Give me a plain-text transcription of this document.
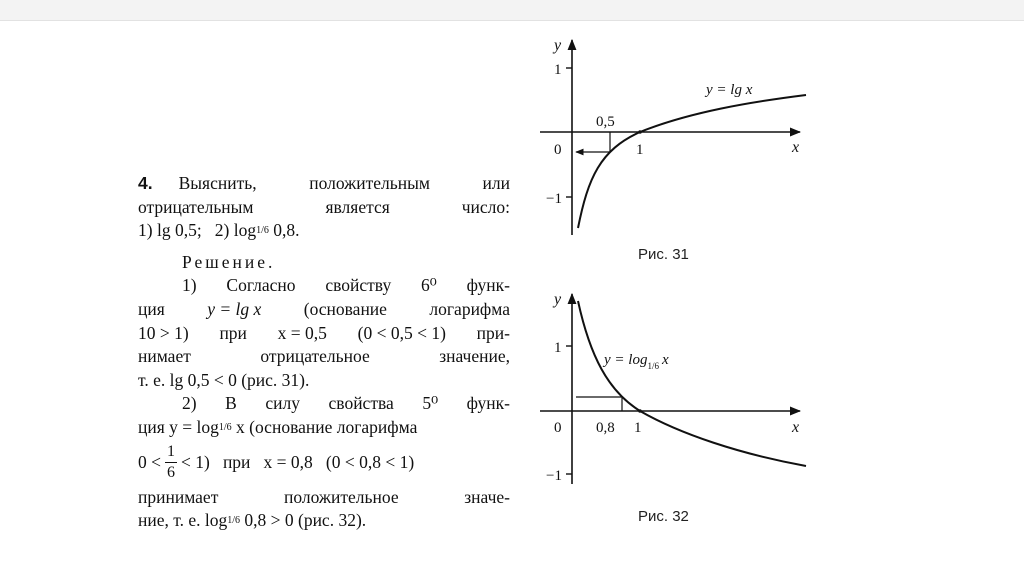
4. Выяснить,	положительным	или
отрицательным	является	число:
1) lg 0,5;   2) log 1/6 0,8.
Решение.
1) Согласно свойству 6⁰ функ-
ция y = lg x (основание логарифма
10 > 1) при x = 0,5 (0 < 0,5 < 1) при-
нимает	отрицательное	значение,
т. е. lg 0,5 < 0 (рис. 31).
2) В силу свойства 5⁰ функ-
ция y = log 1/6 x (основание логарифма
$0 < \frac{1}{6} < 1$)   при   x = 0,8   (0 < 0,8 < 1)
принимает	положительное	значе-
ние, т. е. log 1/6 0,8 > 0 (рис. 32).
y
x
1
−1
0	1
0,5
y = lg x
Рис. 31
y
x
1
−1
0 0,8 1
$y = \log_{1/6} x$
Рис. 32
